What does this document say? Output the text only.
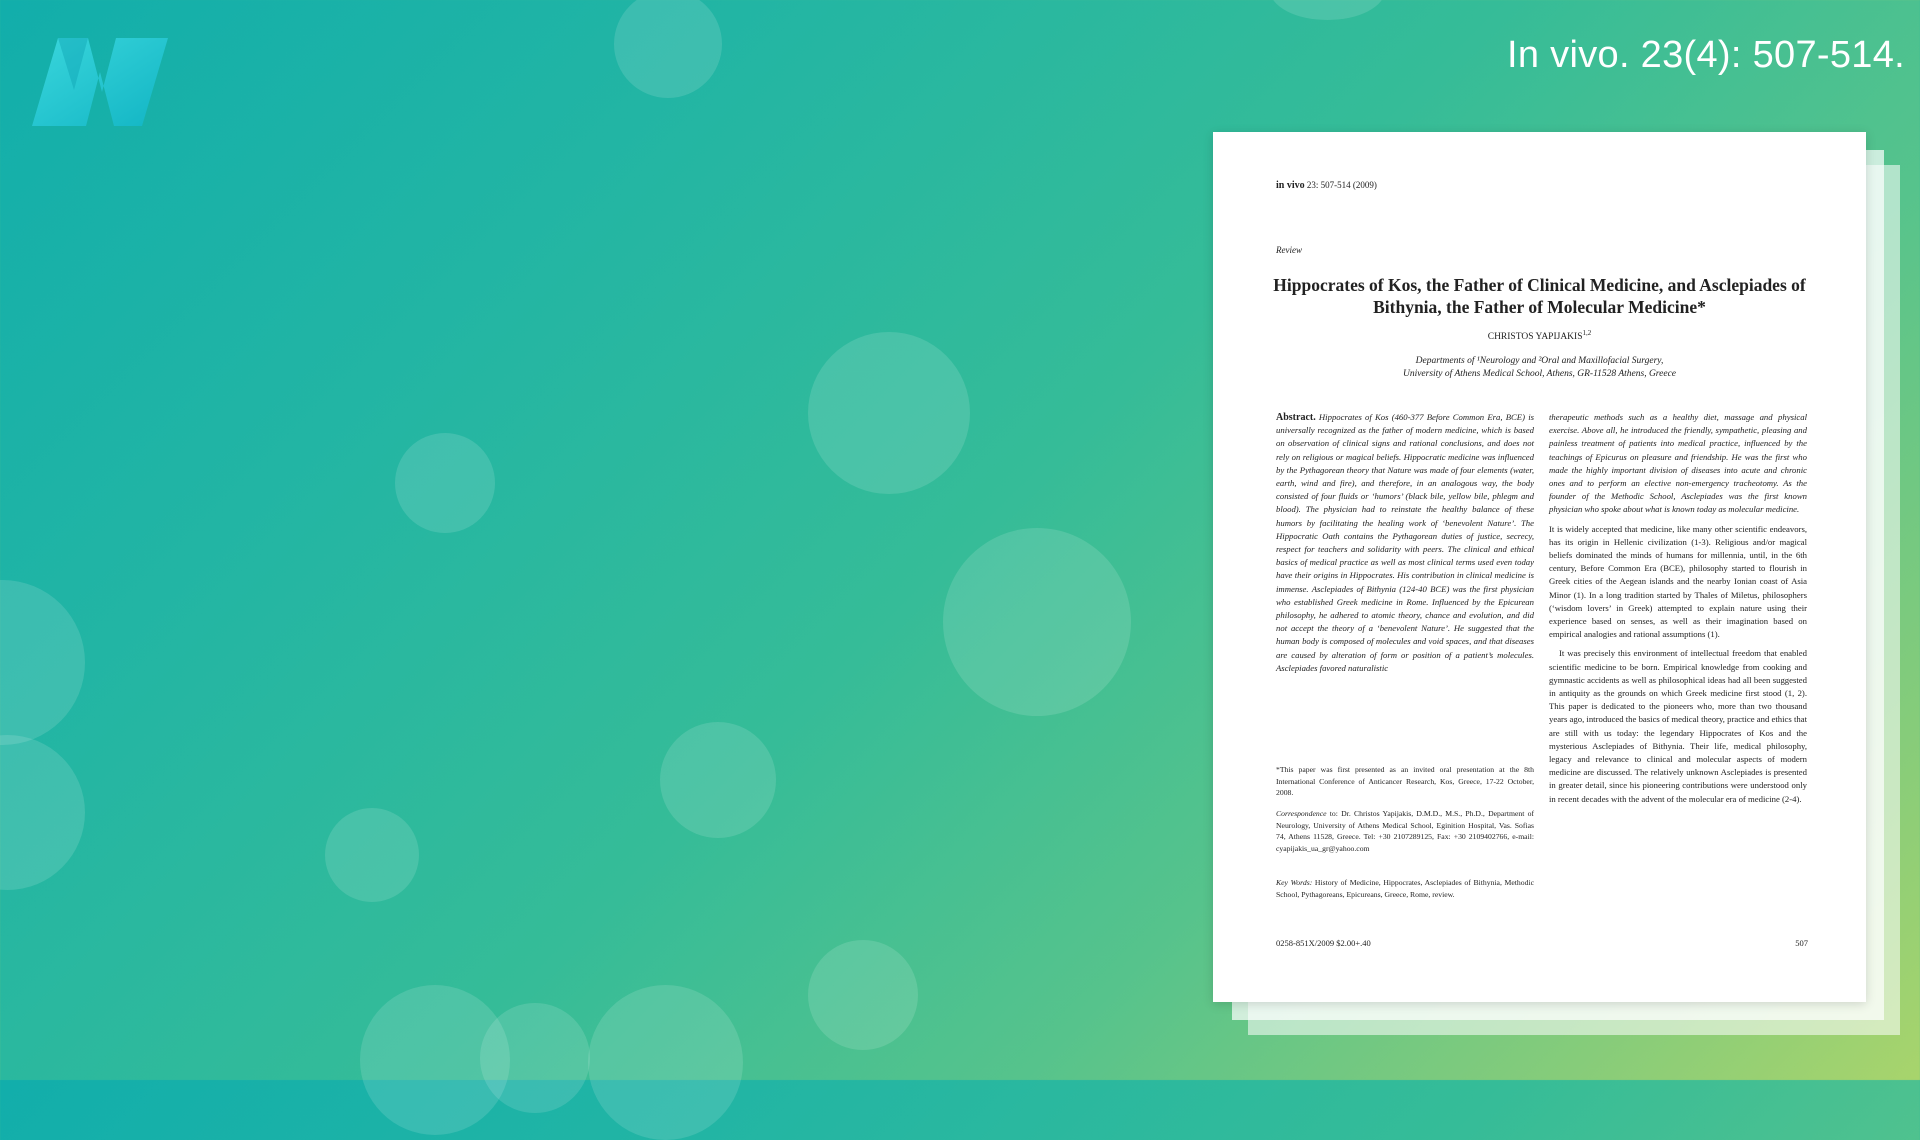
In vivo. 23(4): 507-514.
in vivo 23: 507-514 (2009)
Review
Hippocrates of Kos, the Father of Clinical Medicine, and Asclepiades of Bithynia, the Father of Molecular Medicine*
CHRISTOS YAPIJAKIS$^{1,2}$
Departments of ¹Neurology and ²Oral and Maxillofacial Surgery,
University of Athens Medical School, Athens, GR-11528 Athens, Greece
Abstract. Hippocrates of Kos (460-377 Before Common Era, BCE) is universally recognized as the father of modern medicine, which is based on observation of clinical signs and rational conclusions, and does not rely on religious or magical beliefs. Hippocratic medicine was influenced by the Pythagorean theory that Nature was made of four elements (water, earth, wind and fire), and therefore, in an analogous way, the body consisted of four fluids or ‘humors’ (black bile, yellow bile, phlegm and blood). The physician had to reinstate the healthy balance of these humors by facilitating the healing work of ‘benevolent Nature’. The Hippocratic Oath contains the Pythagorean duties of justice, secrecy, respect for teachers and solidarity with peers. The clinical and ethical basics of medical practice as well as most clinical terms used even today have their origins in Hippocrates. His contribution in clinical medicine is immense. Asclepiades of Bithynia (124-40 BCE) was the first physician who established Greek medicine in Rome. Influenced by the Epicurean philosophy, he adhered to atomic theory, chance and evolution, and did not accept the theory of a ‘benevolent Nature’. He suggested that the human body is composed of molecules and void spaces, and that diseases are caused by alteration of form or position of a patient’s molecules. Asclepiades favored naturalistic
*This paper was first presented as an invited oral presentation at the 8th International Conference of Anticancer Research, Kos, Greece, 17-22 October, 2008.
Correspondence to: Dr. Christos Yapijakis, D.M.D., M.S., Ph.D., Department of Neurology, University of Athens Medical School, Eginition Hospital, Vas. Sofias 74, Athens 11528, Greece. Tel: +30 2107289125, Fax: +30 2109402766, e-mail: cyapijakis_ua_gr@yahoo.com
Key Words: History of Medicine, Hippocrates, Asclepiades of Bithynia, Methodic School, Pythagoreans, Epicureans, Greece, Rome, review.

therapeutic methods such as a healthy diet, massage and physical exercise. Above all, he introduced the friendly, sympathetic, pleasing and painless treatment of patients into medical practice, influenced by the teachings of Epicurus on pleasure and friendship. He was the first who made the highly important division of diseases into acute and chronic ones and to perform an elective non-emergency tracheotomy. As the founder of the Methodic School, Asclepiades was the first known physician who spoke about what is known today as molecular medicine.

It is widely accepted that medicine, like many other scientific endeavors, has its origin in Hellenic civilization (1-3). Religious and/or magical beliefs dominated the minds of humans for millennia, until, in the 6th century, Before Common Era (BCE), philosophy started to flourish in Greek cities of the Aegean islands and the nearby Ionian coast of Asia Minor (1). In a long tradition started by Thales of Miletus, philosophers (‘wisdom lovers’ in Greek) attempted to explain nature using their experience based on senses, as well as their imagination based on empirical analogies and rational assumptions (1).

It was precisely this environment of intellectual freedom that enabled scientific medicine to be born. Empirical knowledge from cooking and gymnastic accidents as well as philosophical ideas had all been suggested in antiquity as the grounds on which Greek medicine first stood (1, 2). This paper is dedicated to the pioneers who, more than two thousand years ago, introduced the basics of medical theory, practice and ethics that are still with us today: the legendary Hippocrates of Kos and the mysterious Asclepiades of Bithynia. Their life, medical philosophy, legacy and relevance to clinical and molecular aspects of modern medicine are discussed. The relatively unknown Asclepiades is presented in greater detail, since his pioneering contributions were understood only in recent decades with the advent of the molecular era of medicine (2-4).

0258-851X/2009 $2.00+.40	507
